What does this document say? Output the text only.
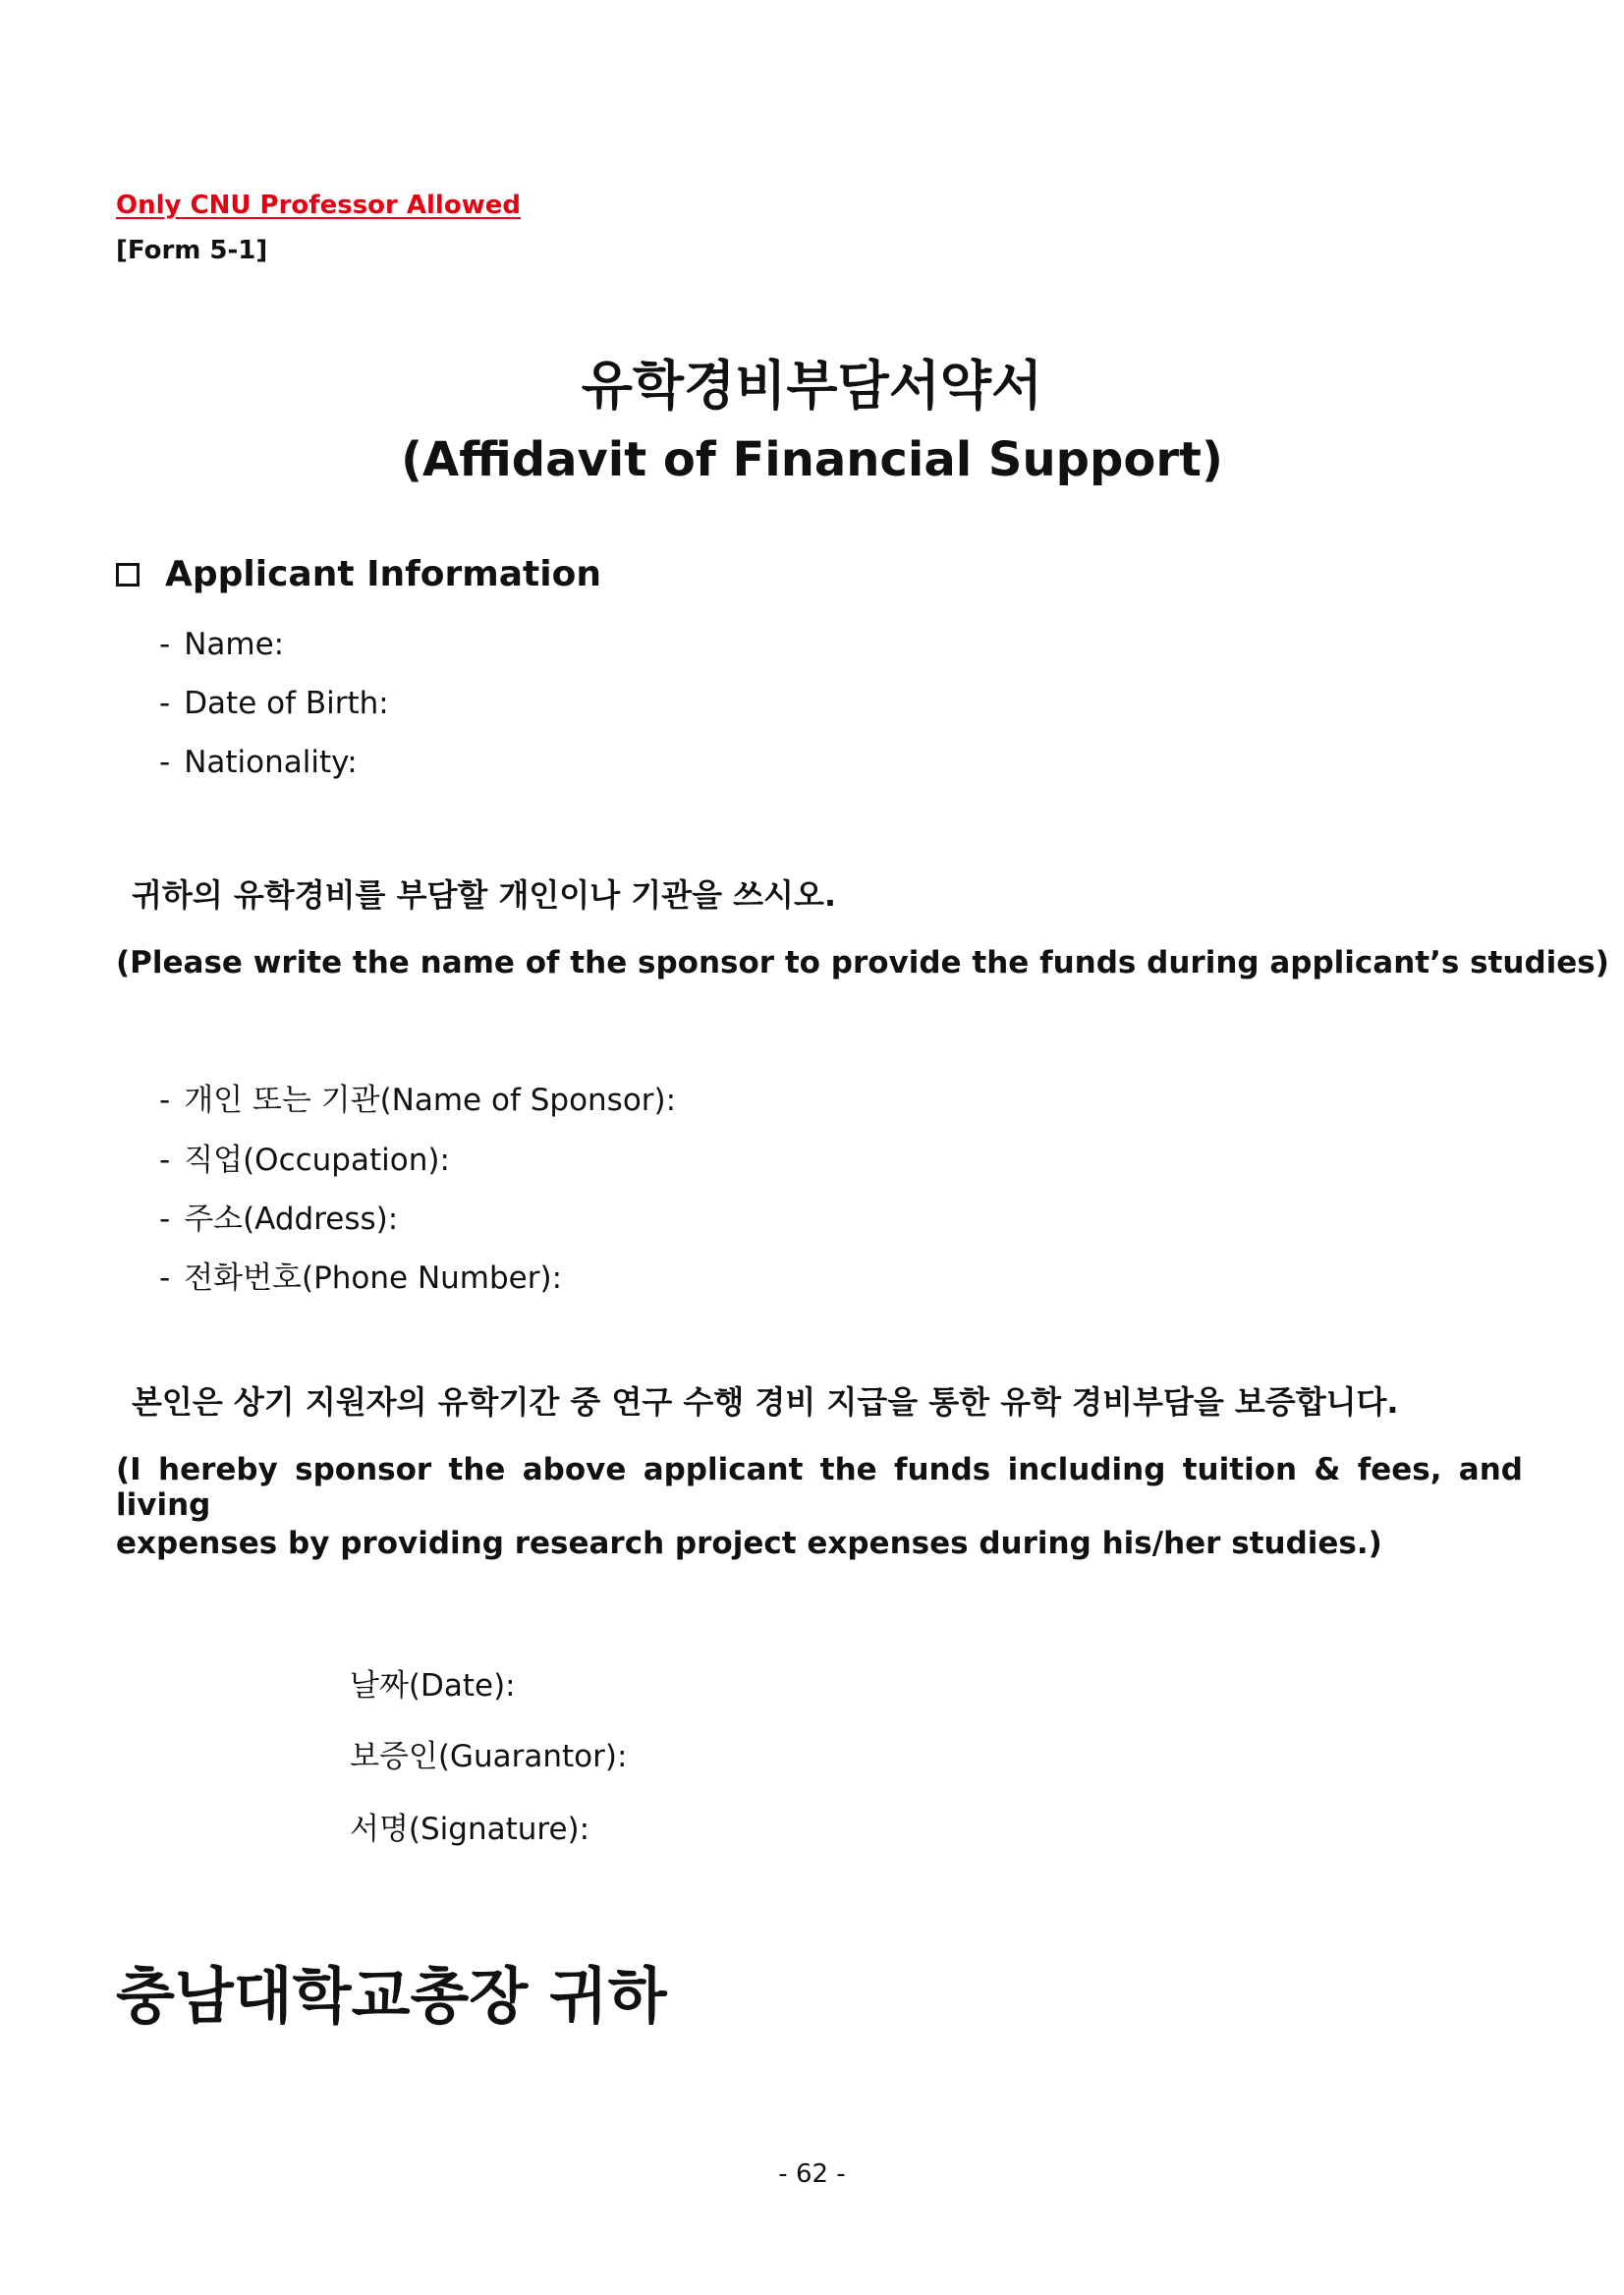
Only CNU Professor Allowed
[Form 5-1]
유학경비부담서약서
(Affidavit of Financial Support)
Applicant Information
- Name:
- Date of Birth:
- Nationality:
귀하의 유학경비를 부담할 개인이나 기관을 쓰시오.
(Please write the name of the sponsor to provide the funds during applicant’s studies)
- 개인 또는 기관(Name of Sponsor):
- 직업(Occupation):
- 주소(Address):
- 전화번호(Phone Number):
본인은 상기 지원자의 유학기간 중 연구 수행 경비 지급을 통한 유학 경비부담을 보증합니다.
(I hereby sponsor the above applicant the funds including tuition & fees, and living
expenses by providing research project expenses during his/her studies.)
날짜(Date):
보증인(Guarantor):
서명(Signature):
충남대학교총장 귀하
- 62 -
